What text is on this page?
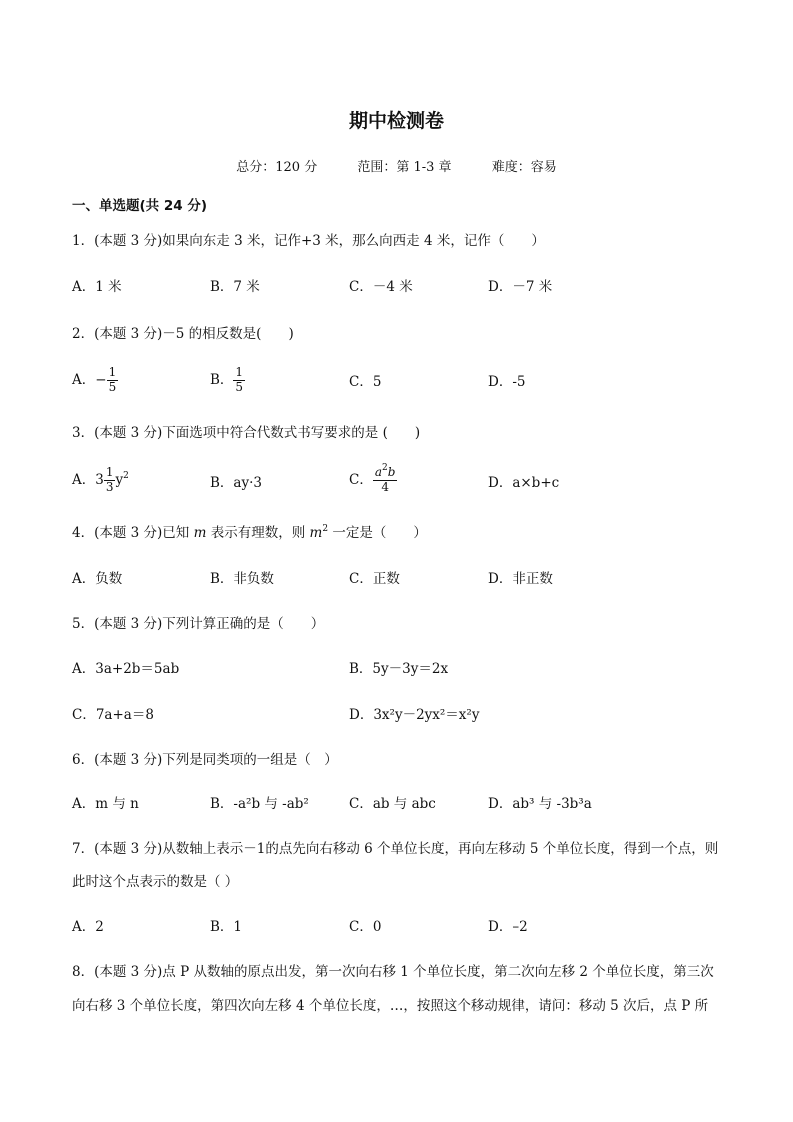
期中检测卷
总分：120 分	范围：第 1-3 章	难度：容易
一、单选题(共 24 分)
1．(本题 3 分)如果向东走 3 米，记作+3 米，那么向西走 4 米，记作（　　）
A．1 米	B．7 米	C．－4 米	D．－7 米
2．(本题 3 分)－5 的相反数是(　　)
A．− $\frac{1}{5}$	B． $\frac{1}{5}$	C．5	D．-5
3．(本题 3 分)下面选项中符合代数式书写要求的是 (　　)
A．$3 \frac{1}{3} y^2$	B．ay·3	C． $\frac{a^2b}{4}$	D．a×b+c
4．(本题 3 分)已知 m 表示有理数，则 $m^2$ 一定是（　　）
A．负数	B．非负数	C．正数	D．非正数
5．(本题 3 分)下列计算正确的是（　　）
A．3a+2b＝5ab	B．5y－3y＝2x
C．7a+a＝8	D．3x²y－2yx²＝x²y
6．(本题 3 分)下列是同类项的一组是（　）
A．m 与 n	B．-a²b 与 -ab²	C．ab 与 abc	D．ab³ 与 -3b³a
7．(本题 3 分)从数轴上表示－1的点先向右移动 6 个单位长度，再向左移动 5 个单位长度，得到一个点，则
此时这个点表示的数是（ ）
A．2	B．1	C．0	D．–2
8．(本题 3 分)点 P 从数轴的原点出发，第一次向右移 1 个单位长度，第二次向左移 2 个单位长度，第三次
向右移 3 个单位长度，第四次向左移 4 个单位长度，…，按照这个移动规律，请问：移动 5 次后，点 P 所
